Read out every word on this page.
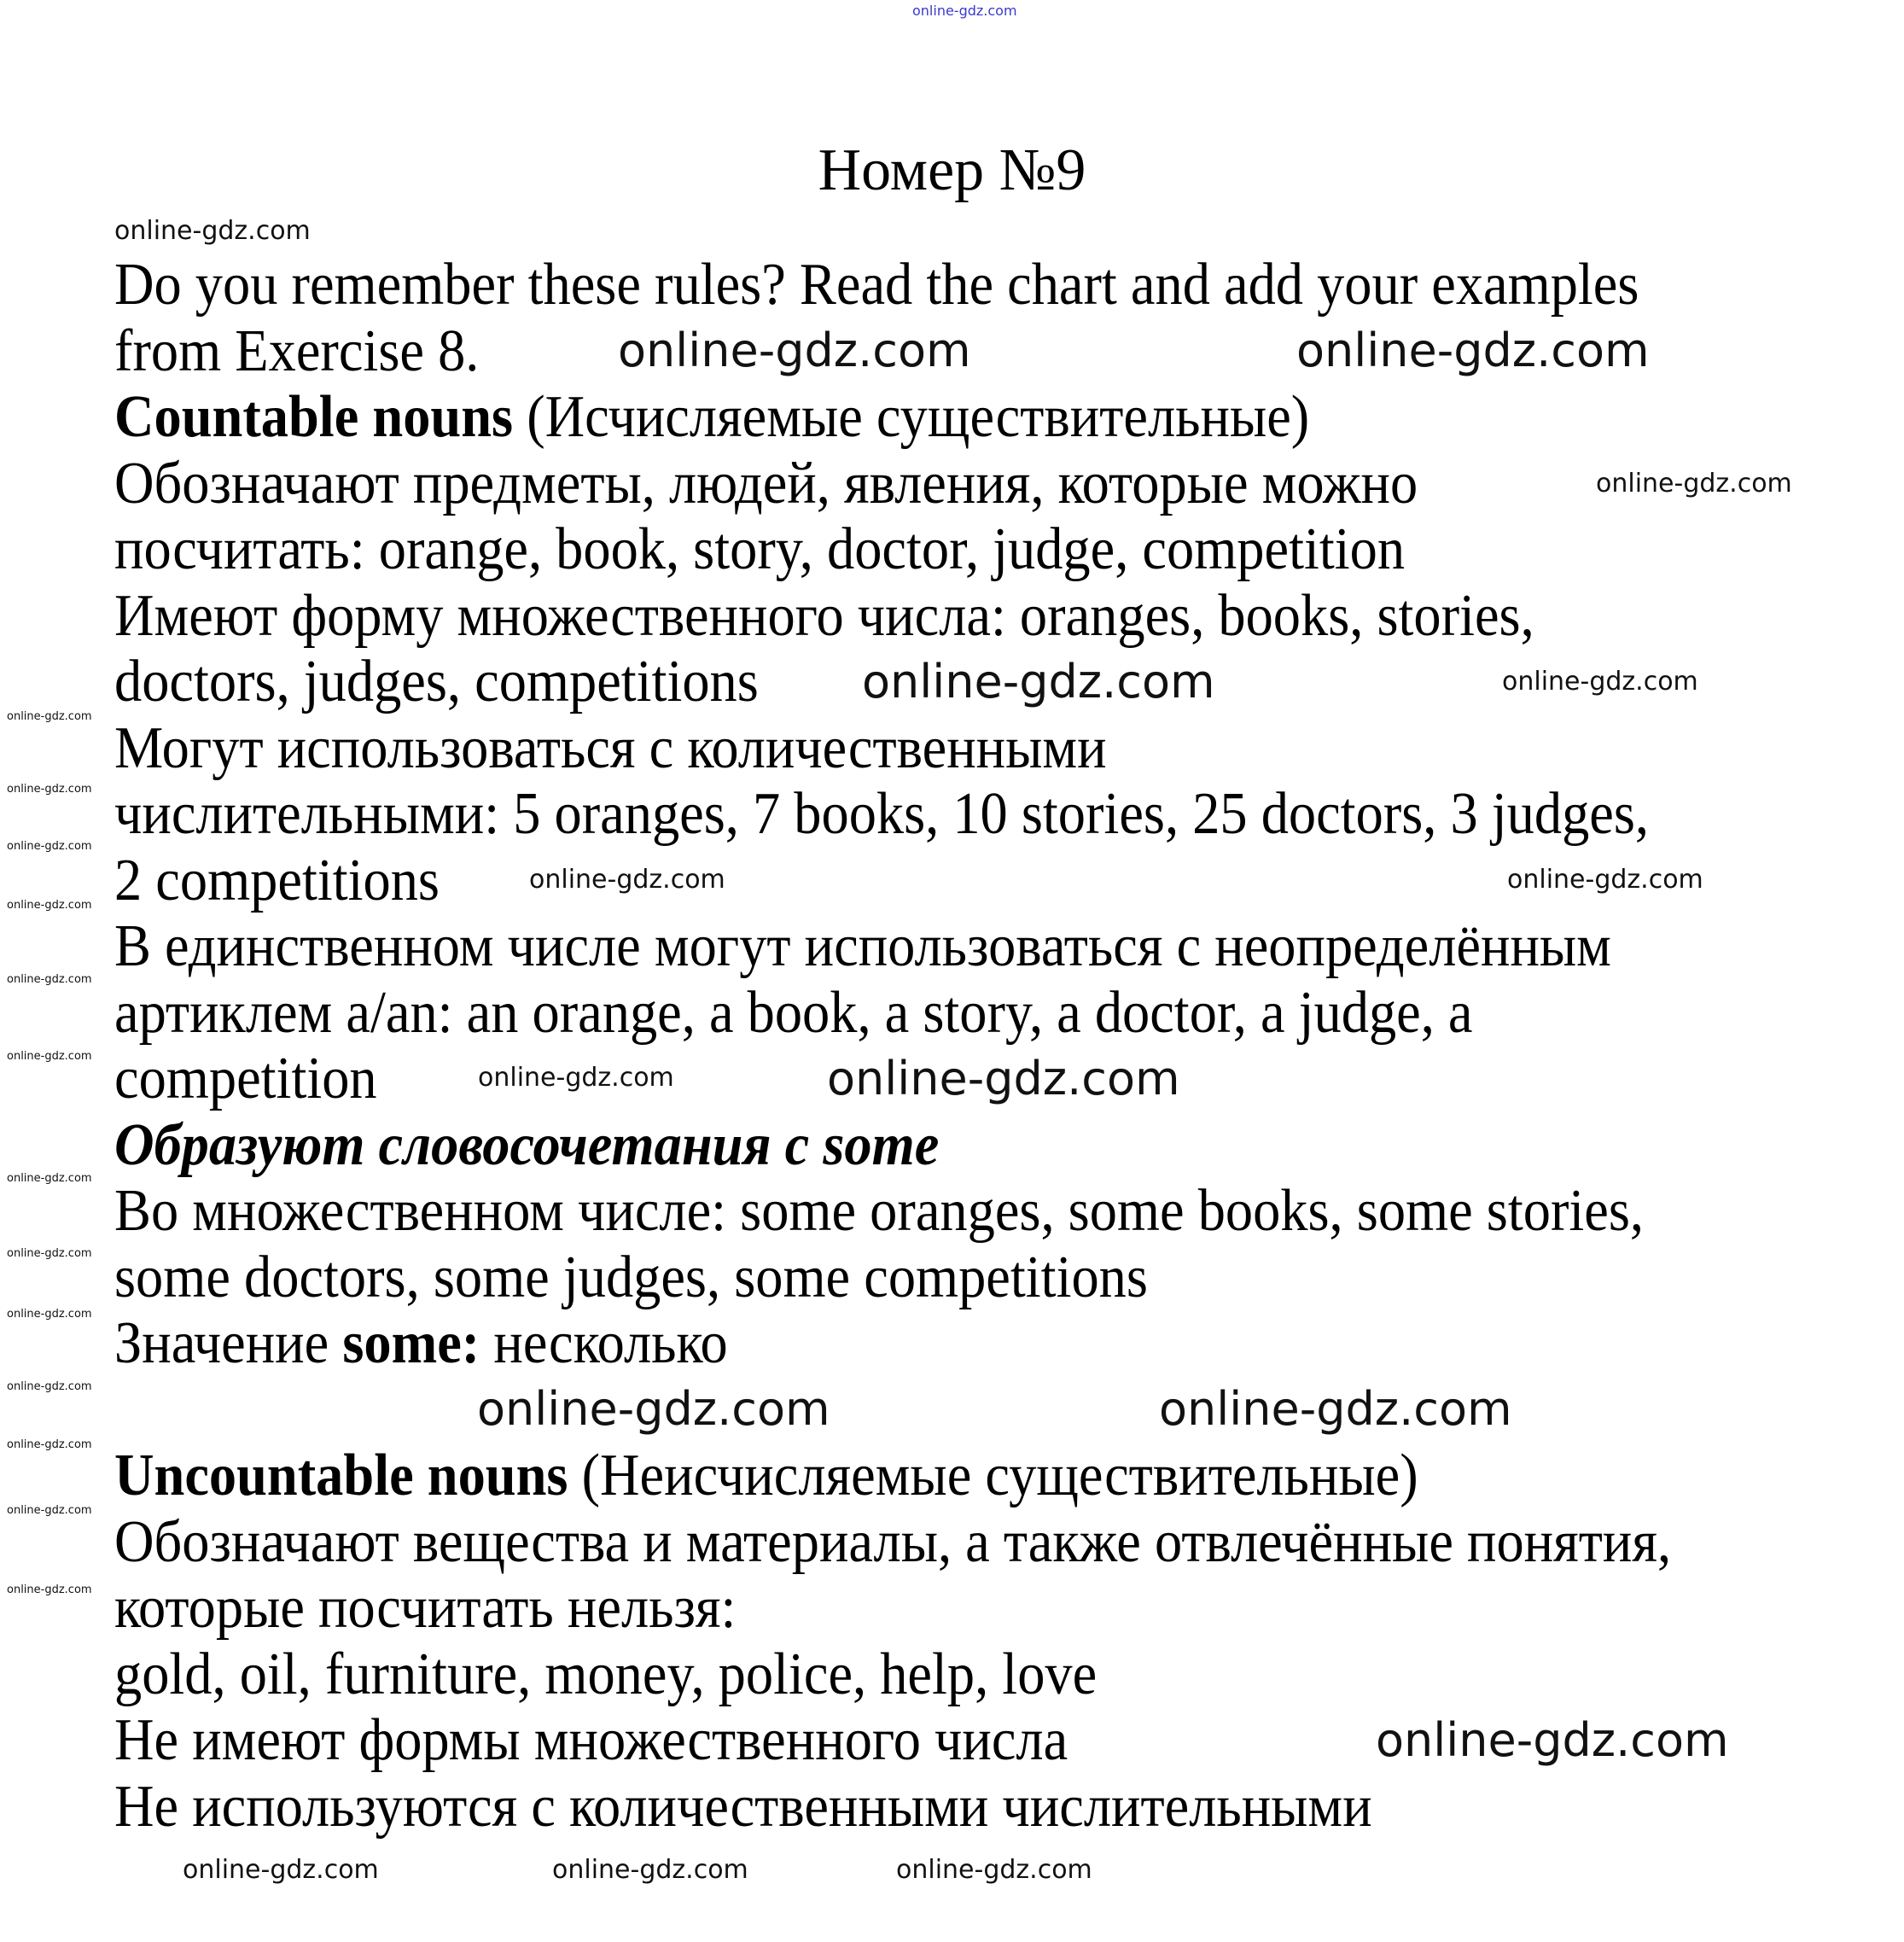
online-gdz.com
Номер №9
Do you remember these rules? Read the chart and add your examples
from Exercise 8.
Countable nouns (Исчисляемые существительные)
Обозначают предметы, людей, явления, которые можно
посчитать: orange, book, story, doctor, judge, competition
Имеют форму множественного числа: oranges, books, stories,
doctors, judges, competitions
Могут использоваться с количественными
числительными: 5 oranges, 7 books, 10 stories, 25 doctors, 3 judges,
2 competitions
В единственном числе могут использоваться с неопределённым
артиклем a/an: an orange, a book, a story, a doctor, a judge, a
competition
Образуют словосочетания с some
Во множественном числе: some oranges, some books, some stories,
some doctors, some judges, some competitions
Значение some: несколько
Uncountable nouns (Неисчисляемые существительные)
Обозначают вещества и материалы, а также отвлечённые понятия,
которые посчитать нельзя:
gold, oil, furniture, money, police, help, love
Не имеют формы множественного числа
Не используются с количественными числительными
online-gdz.com	online-gdz.com
online-gdz.com
online-gdz.com
online-gdz.com	online-gdz.com
online-gdz.com
online-gdz.com
online-gdz.com
online-gdz.com
online-gdz.com	online-gdz.com
online-gdz.com
online-gdz.com	online-gdz.com	online-gdz.com
online-gdz.com
online-gdz.com
online-gdz.com
online-gdz.com
online-gdz.com
online-gdz.com
online-gdz.com
online-gdz.com
online-gdz.com
online-gdz.com
online-gdz.com
online-gdz.com
online-gdz.com
